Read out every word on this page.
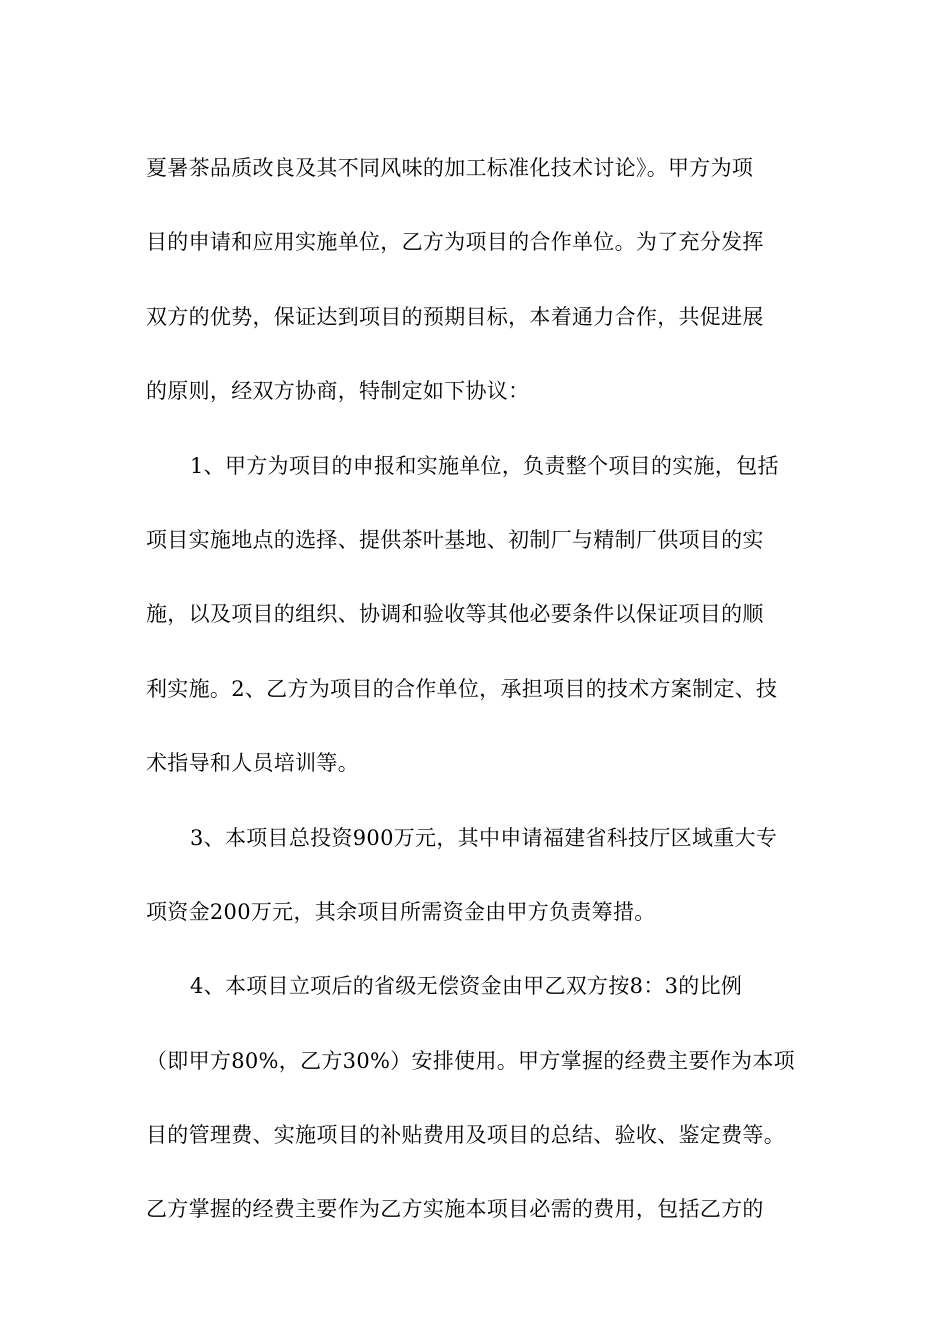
夏暑茶品质改良及其不同风味的加工标准化技术讨论》。甲方为项
目的申请和应用实施单位，乙方为项目的合作单位。为了充分发挥
双方的优势，保证达到项目的预期目标，本着通力合作，共促进展
的原则，经双方协商，特制定如下协议：
1、甲方为项目的申报和实施单位，负责整个项目的实施，包括
项目实施地点的选择、提供茶叶基地、初制厂与精制厂供项目的实
施，以及项目的组织、协调和验收等其他必要条件以保证项目的顺
利实施。2、乙方为项目的合作单位，承担项目的技术方案制定、技
术指导和人员培训等。
3、本项目总投资900万元，其中申请福建省科技厅区域重大专
项资金200万元，其余项目所需资金由甲方负责筹措。
4、本项目立项后的省级无偿资金由甲乙双方按8：3的比例
（即甲方80%，乙方30%）安排使用。甲方掌握的经费主要作为本项
目的管理费、实施项目的补贴费用及项目的总结、验收、鉴定费等。
乙方掌握的经费主要作为乙方实施本项目必需的费用，包括乙方的
